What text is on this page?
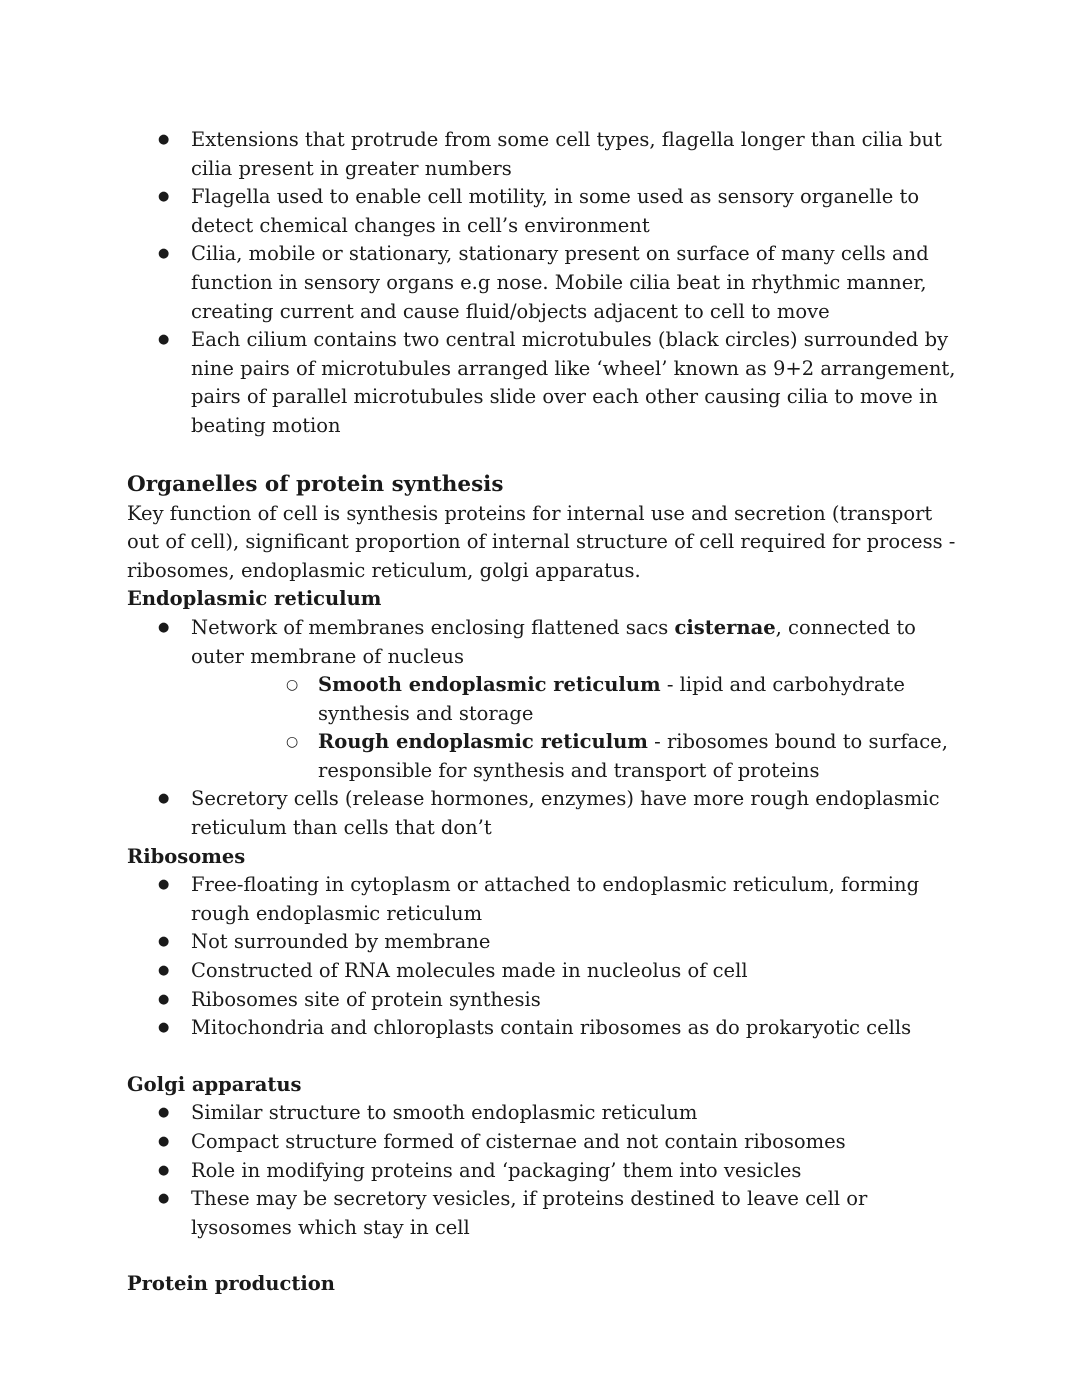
● Extensions that protrude from some cell types, flagella longer than cilia but cilia present in greater numbers
● Flagella used to enable cell motility, in some used as sensory organelle to detect chemical changes in cell’s environment
● Cilia, mobile or stationary, stationary present on surface of many cells and function in sensory organs e.g nose. Mobile cilia beat in rhythmic manner, creating current and cause fluid/objects adjacent to cell to move
● Each cilium contains two central microtubules (black circles) surrounded by nine pairs of microtubules arranged like ‘wheel’ known as 9+2 arrangement, pairs of parallel microtubules slide over each other causing cilia to move in beating motion
Organelles of protein synthesis

Key function of cell is synthesis proteins for internal use and secretion (transport out of cell), significant proportion of internal structure of cell required for process - ribosomes, endoplasmic reticulum, golgi apparatus.

Endoplasmic reticulum
● Network of membranes enclosing flattened sacs cisternae, connected to outer membrane of nucleus
○ Smooth endoplasmic reticulum - lipid and carbohydrate synthesis and storage
○ Rough endoplasmic reticulum - ribosomes bound to surface, responsible for synthesis and transport of proteins
● Secretory cells (release hormones, enzymes) have more rough endoplasmic reticulum than cells that don’t
Ribosomes
● Free-floating in cytoplasm or attached to endoplasmic reticulum, forming rough endoplasmic reticulum
● Not surrounded by membrane
● Constructed of RNA molecules made in nucleolus of cell
● Ribosomes site of protein synthesis
● Mitochondria and chloroplasts contain ribosomes as do prokaryotic cells
Golgi apparatus
● Similar structure to smooth endoplasmic reticulum
● Compact structure formed of cisternae and not contain ribosomes
● Role in modifying proteins and ‘packaging’ them into vesicles
● These may be secretory vesicles, if proteins destined to leave cell or lysosomes which stay in cell
Protein production
